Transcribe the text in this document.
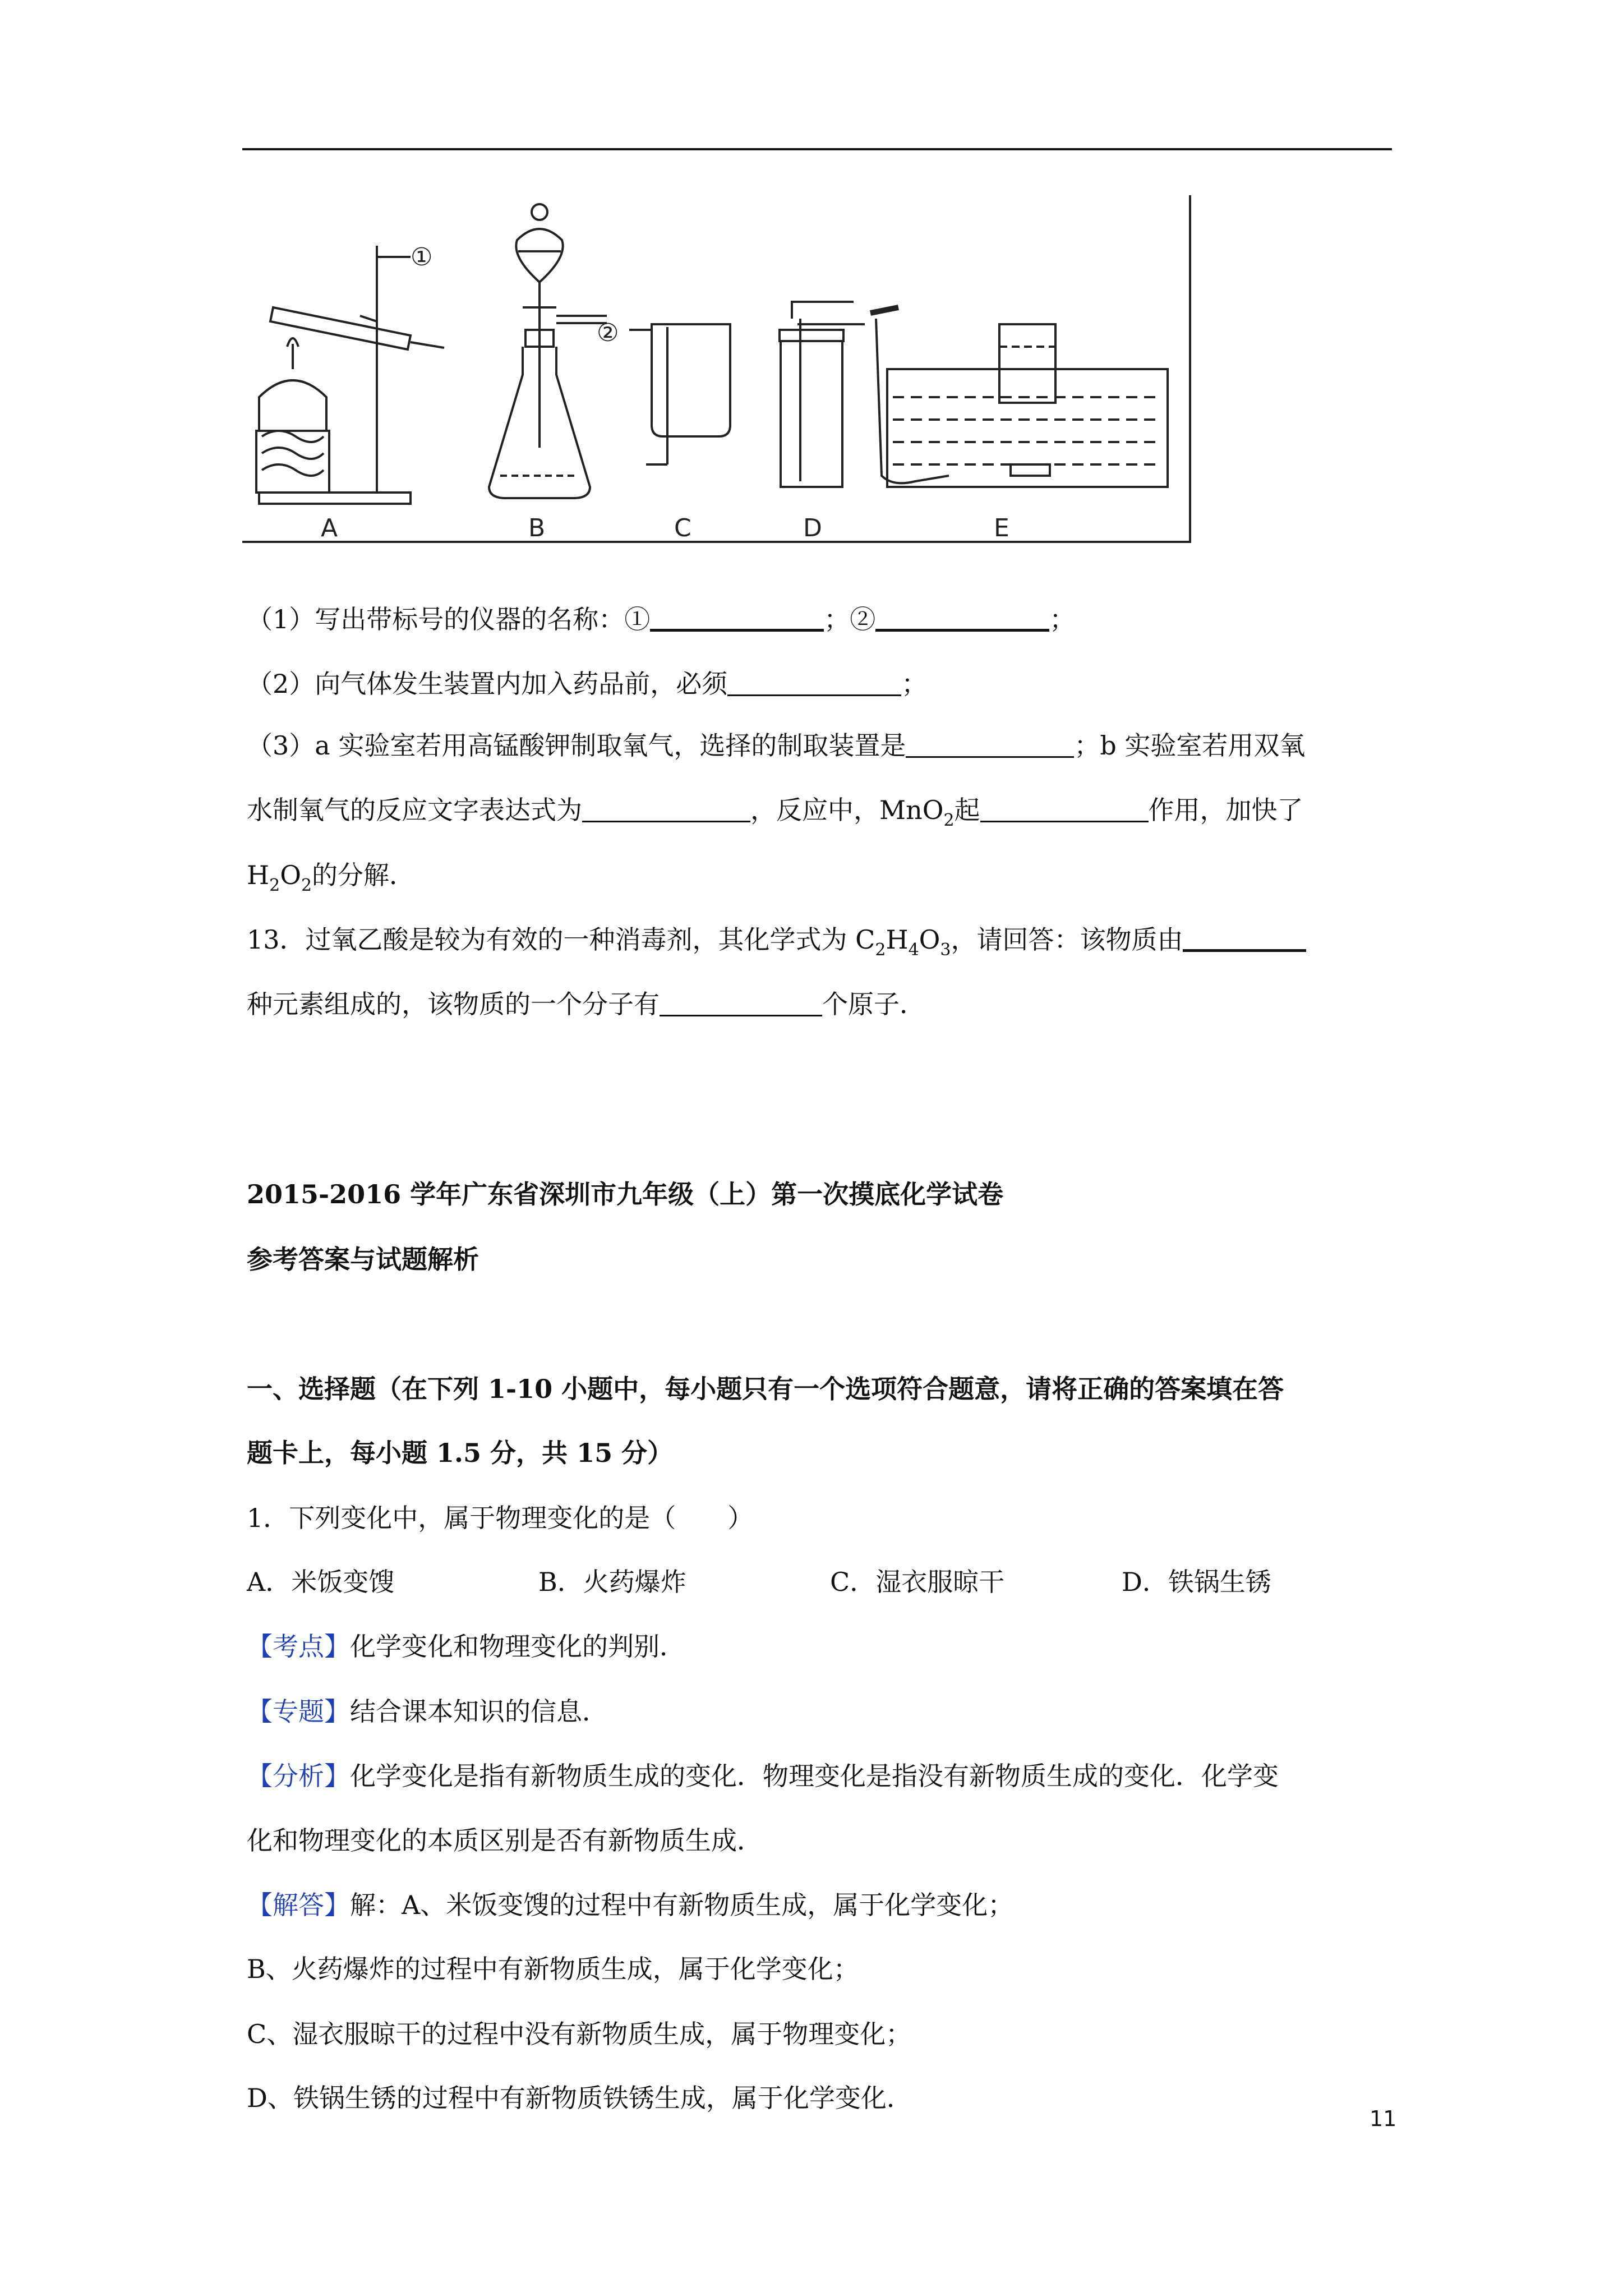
①
②
A	B	C	D	E
（1）写出带标号的仪器的名称：①	；②	；
（2）向气体发生装置内加入药品前，必须	；
（3）a 实验室若用高锰酸钾制取氧气，选择的制取装置是	；b 实验室若用双氧
水制氧气的反应文字表达式为	，反应中，MnO$_2$起	作用，加快了
$H_2O_2$的分解．
13．过氧乙酸是较为有效的一种消毒剂，其化学式为 $C_2H_4O_3$，请回答：该物质由
种元素组成的，该物质的一个分子有	个原子．
2015-2016 学年广东省深圳市九年级（上）第一次摸底化学试卷
参考答案与试题解析
一、选择题（在下列 1-10 小题中，每小题只有一个选项符合题意，请将正确的答案填在答
题卡上，每小题 1.5 分，共 15 分）
1．下列变化中，属于物理变化的是（　　）
A．米饭变馊	B．火药爆炸	C．湿衣服晾干	D．铁锅生锈
【考点】化学变化和物理变化的判别．
【专题】结合课本知识的信息．
【分析】化学变化是指有新物质生成的变化．物理变化是指没有新物质生成的变化．化学变
化和物理变化的本质区别是否有新物质生成．
【解答】解：A、米饭变馊的过程中有新物质生成，属于化学变化；
B、火药爆炸的过程中有新物质生成，属于化学变化；
C、湿衣服晾干的过程中没有新物质生成，属于物理变化；
D、铁锅生锈的过程中有新物质铁锈生成，属于化学变化．
11
